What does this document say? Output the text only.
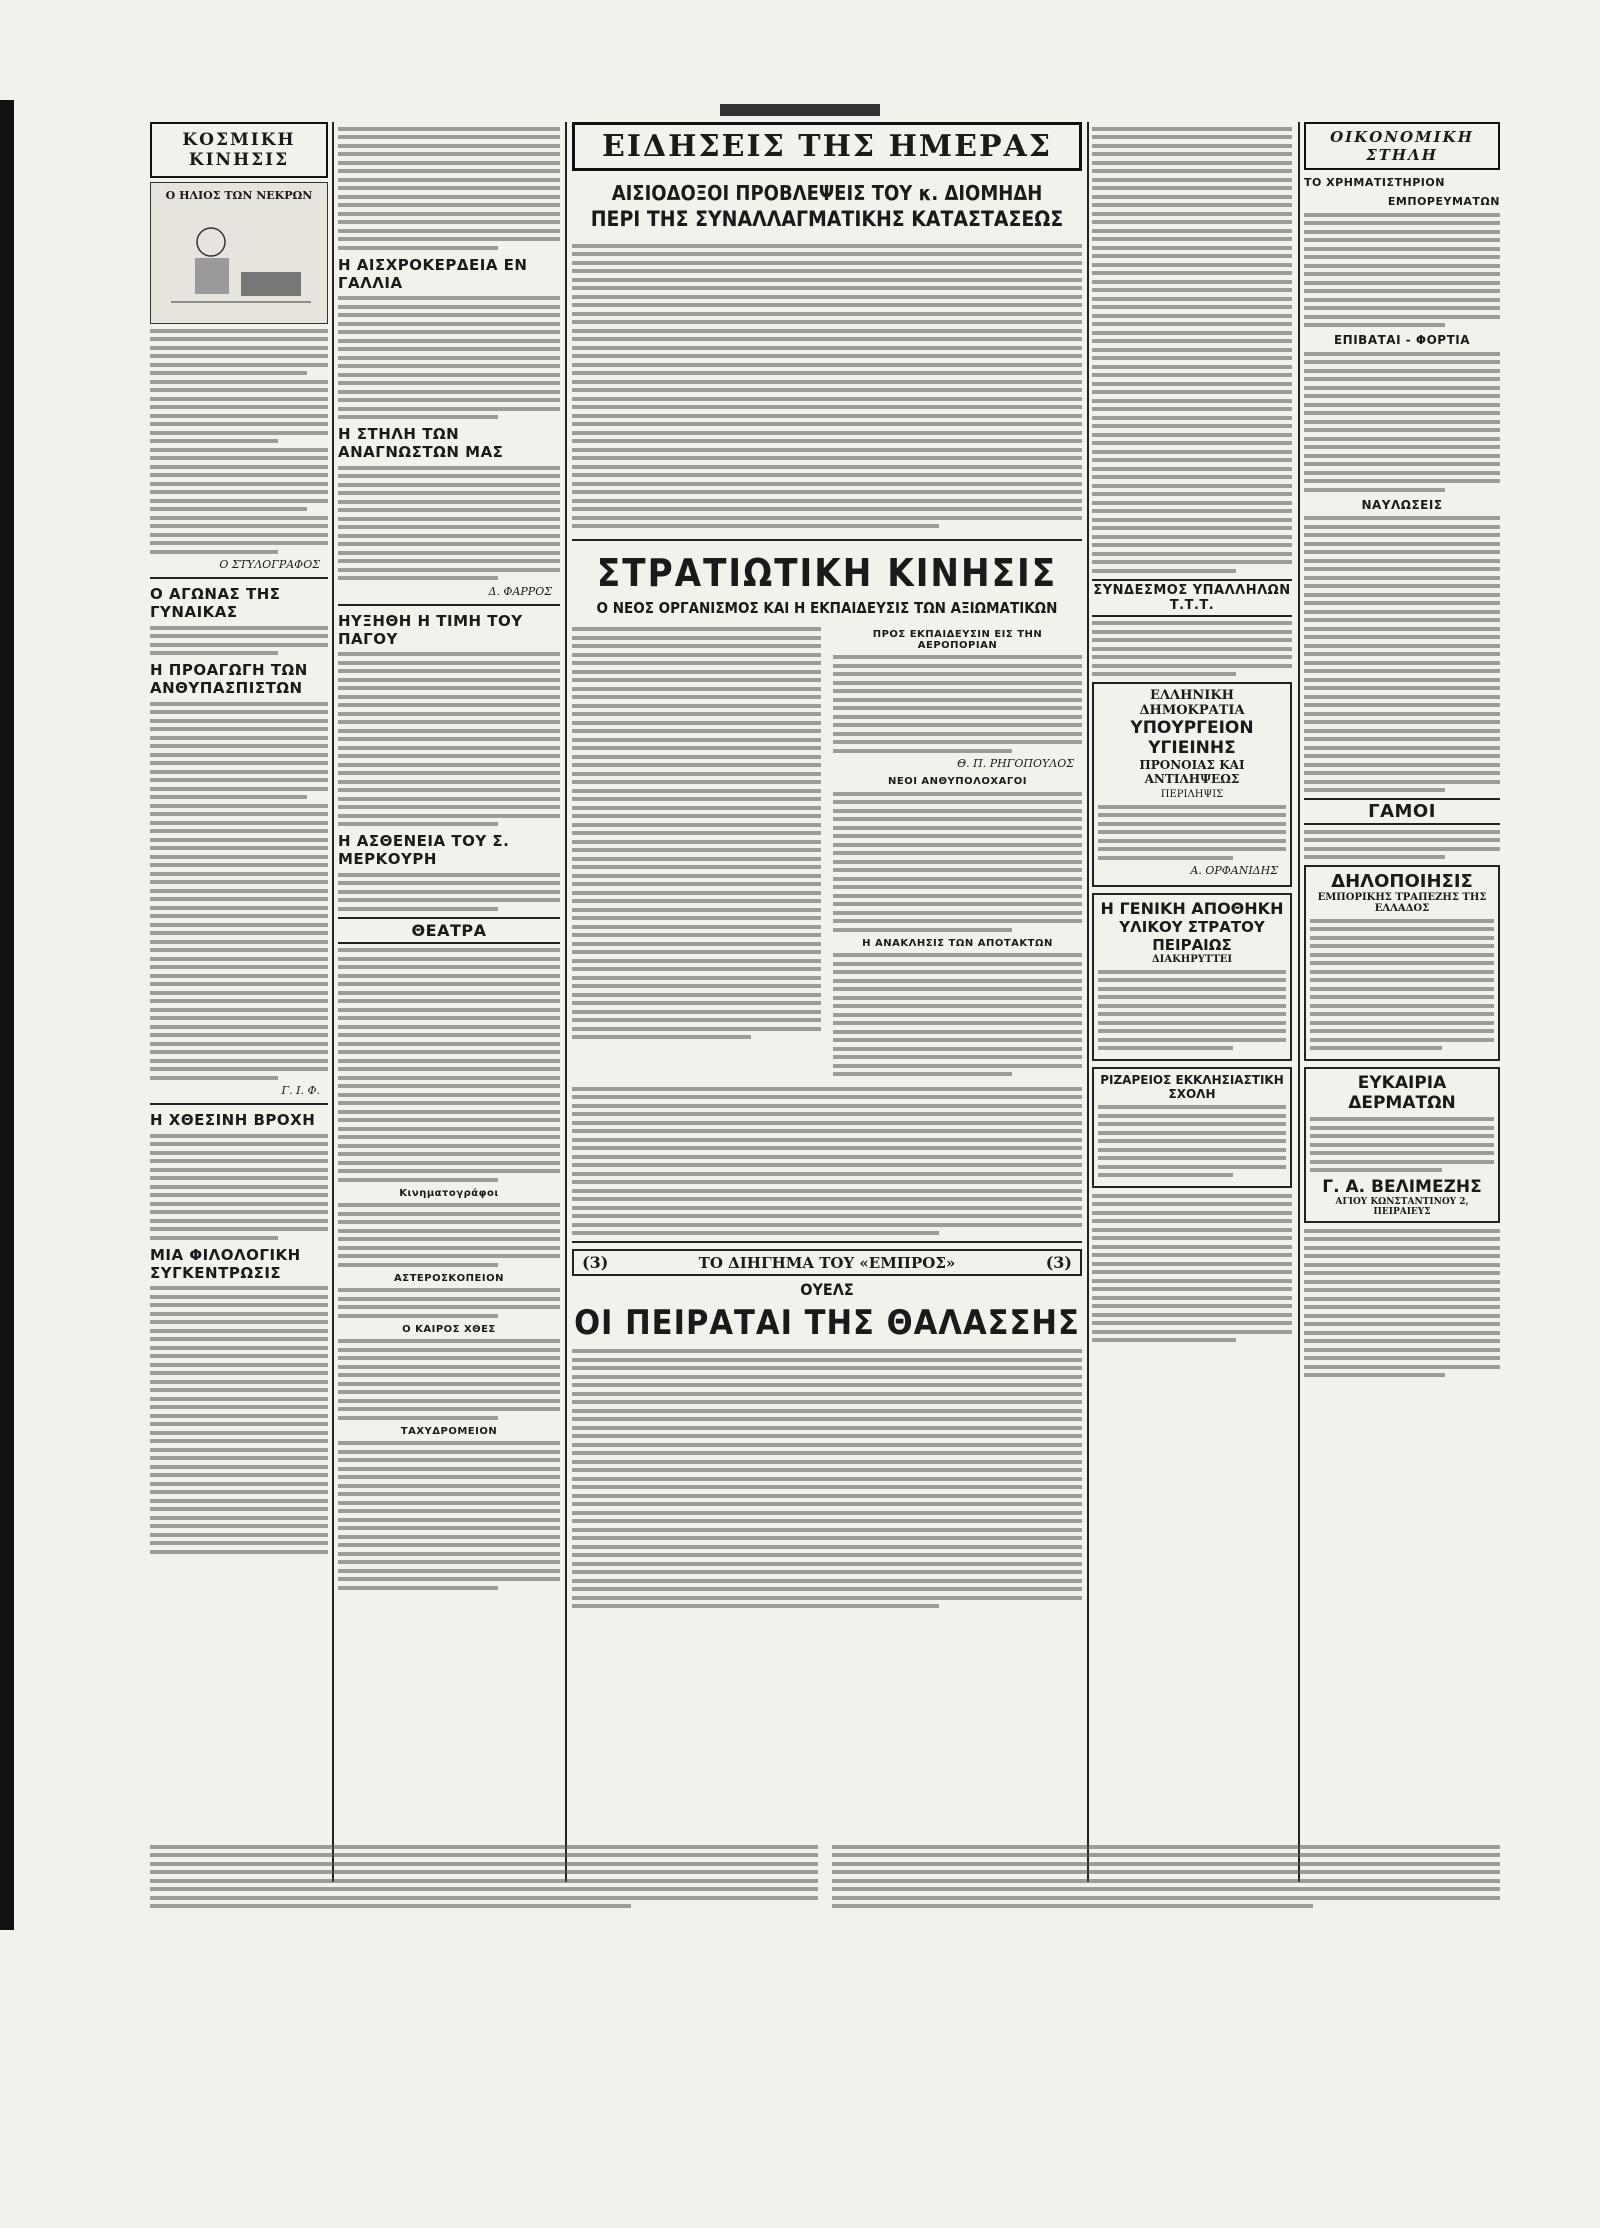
ΚΟΣΜΙΚΗ ΚΙΝΗΣΙΣ
Ο ΗΛΙΟΣ ΤΩΝ ΝΕΚΡΩΝ
Ο ΣΤΥΛΟΓΡΑΦΟΣ
Ο ΑΓΩΝΑΣ ΤΗΣ ΓΥΝΑΙΚΑΣ
Η ΠΡΟΑΓΩΓΗ ΤΩΝ ΑΝΘΥΠΑΣΠΙΣΤΩΝ
Γ. Ι. Φ.
Η ΧΘΕΣΙΝΗ ΒΡΟΧΗ
ΜΙΑ ΦΙΛΟΛΟΓΙΚΗ ΣΥΓΚΕΝΤΡΩΣΙΣ
Η ΑΙΣΧΡΟΚΕΡΔΕΙΑ ΕΝ ΓΑΛΛΙΑ
Η ΣΤΗΛΗ ΤΩΝ ΑΝΑΓΝΩΣΤΩΝ ΜΑΣ
Δ. ΦΑΡΡΟΣ
ΗΥΞΗΘΗ Η ΤΙΜΗ ΤΟΥ ΠΑΓΟΥ
Η ΑΣΘΕΝΕΙΑ ΤΟΥ Σ. ΜΕΡΚΟΥΡΗ
ΘΕΑΤΡΑ
Κινηματογράφοι
ΑΣΤΕΡΟΣΚΟΠΕΙΟΝ
Ο ΚΑΙΡΟΣ ΧΘΕΣ
ΤΑΧΥΔΡΟΜΕΙΟΝ
ΕΙΔΗΣΕΙΣ ΤΗΣ ΗΜΕΡΑΣ
ΑΙΣΙΟΔΟΞΟΙ ΠΡΟΒΛΕΨΕΙΣ ΤΟΥ κ. ΔΙΟΜΗΔΗ
ΠΕΡΙ ΤΗΣ ΣΥΝΑΛΛΑΓΜΑΤΙΚΗΣ ΚΑΤΑΣΤΑΣΕΩΣ
ΣΤΡΑΤΙΩΤΙΚΗ ΚΙΝΗΣΙΣ
Ο ΝΕΟΣ ΟΡΓΑΝΙΣΜΟΣ ΚΑΙ Η ΕΚΠΑΙΔΕΥΣΙΣ ΤΩΝ ΑΞΙΩΜΑΤΙΚΩΝ
ΠΡΟΣ ΕΚΠΑΙΔΕΥΣΙΝ ΕΙΣ ΤΗΝ ΑΕΡΟΠΟΡΙΑΝ
Θ. Π. ΡΗΓΟΠΟΥΛΟΣ
ΝΕΟΙ ΑΝΘΥΠΟΛΟΧΑΓΟΙ
Η ΑΝΑΚΛΗΣΙΣ ΤΩΝ ΑΠΟΤΑΚΤΩΝ
(3)	ΤΟ ΔΙΗΓΗΜΑ ΤΟΥ «ΕΜΠΡΟΣ»	(3)
ΟΥΕΛΣ
ΟΙ ΠΕΙΡΑΤΑΙ ΤΗΣ ΘΑΛΑΣΣΗΣ
ΣΥΝΔΕΣΜΟΣ ΥΠΑΛΛΗΛΩΝ Τ.Τ.Τ.
ΕΛΛΗΝΙΚΗ ΔΗΜΟΚΡΑΤΙΑ
ΥΠΟΥΡΓΕΙΟΝ ΥΓΙΕΙΝΗΣ
ΠΡΟΝΟΙΑΣ ΚΑΙ ΑΝΤΙΛΗΨΕΩΣ
ΠΕΡΙΛΗΨΙΣ
Α. ΟΡΦΑΝΙΔΗΣ
Η ΓΕΝΙΚΗ ΑΠΟΘΗΚΗ
ΥΛΙΚΟΥ ΣΤΡΑΤΟΥ ΠΕΙΡΑΙΩΣ
ΔΙΑΚΗΡΥΤΤΕΙ
ΡΙΖΑΡΕΙΟΣ ΕΚΚΛΗΣΙΑΣΤΙΚΗ ΣΧΟΛΗ
ΟΙΚΟΝΟΜΙΚΗ ΣΤΗΛΗ
ΤΟ ΧΡΗΜΑΤΙΣΤΗΡΙΟΝ
ΕΜΠΟΡΕΥΜΑΤΩΝ
ΕΠΙΒΑΤΑΙ - ΦΟΡΤΙΑ
ΝΑΥΛΩΣΕΙΣ
ΓΑΜΟΙ
ΔΗΛΟΠΟΙΗΣΙΣ
ΕΜΠΟΡΙΚΗΣ ΤΡΑΠΕΖΗΣ ΤΗΣ ΕΛΛΑΔΟΣ
ΕΥΚΑΙΡΙΑ ΔΕΡΜΑΤΩΝ
Γ. Α. ΒΕΛΙΜΕΖΗΣ
ΑΓΙΟΥ ΚΩΝΣΤΑΝΤΙΝΟΥ 2, ΠΕΙΡΑΙΕΥΣ
